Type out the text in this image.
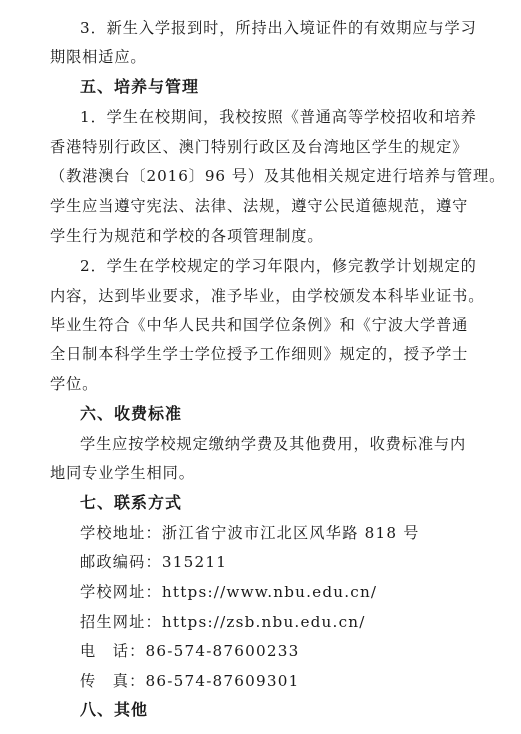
3．新生入学报到时，所持出入境证件的有效期应与学习
期限相适应。
五、培养与管理
1．学生在校期间，我校按照《普通高等学校招收和培养
香港特别行政区、澳门特别行政区及台湾地区学生的规定》
（教港澳台〔2016〕96 号）及其他相关规定进行培养与管理。
学生应当遵守宪法、法律、法规，遵守公民道德规范，遵守
学生行为规范和学校的各项管理制度。
2．学生在学校规定的学习年限内，修完教学计划规定的
内容，达到毕业要求，准予毕业，由学校颁发本科毕业证书。
毕业生符合《中华人民共和国学位条例》和《宁波大学普通
全日制本科学生学士学位授予工作细则》规定的，授予学士
学位。
六、收费标准
学生应按学校规定缴纳学费及其他费用，收费标准与内
地同专业学生相同。
七、联系方式
学校地址：浙江省宁波市江北区风华路 818 号
邮政编码：315211
学校网址：https://www.nbu.edu.cn/
招生网址：https://zsb.nbu.edu.cn/
电　话：86-574-87600233
传　真：86-574-87609301
八、其他
